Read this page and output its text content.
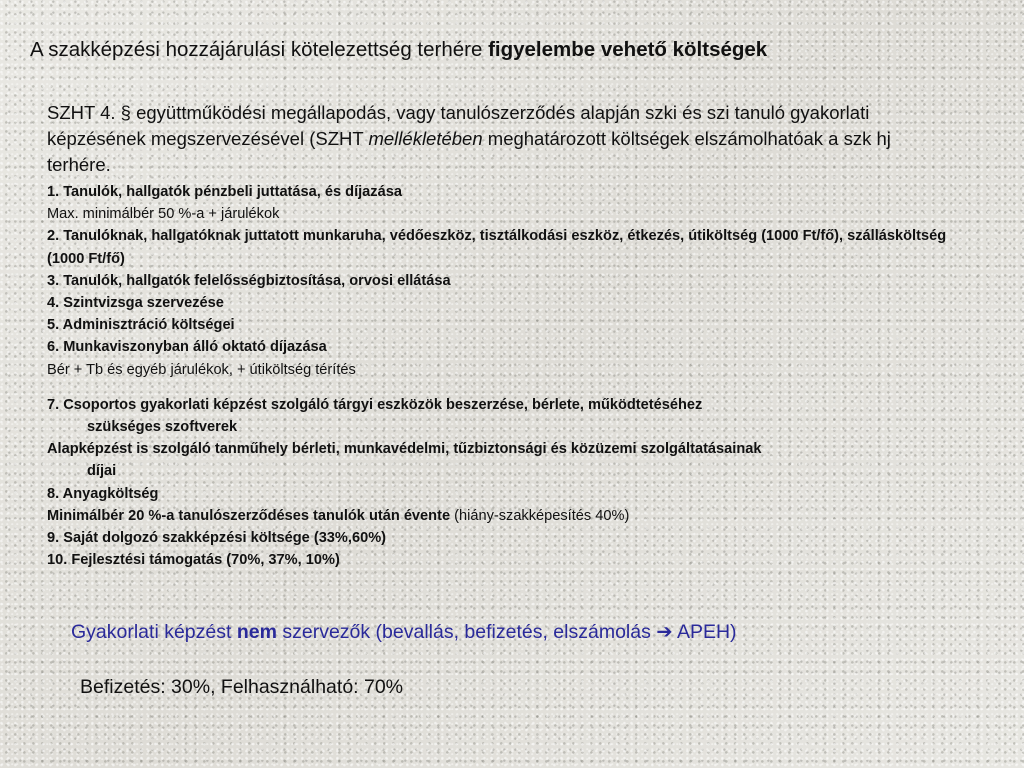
A szakképzési hozzájárulási kötelezettség terhére figyelembe vehető költségek
SZHT 4. § együttműködési megállapodás, vagy tanulószerződés alapján szki és szi tanuló gyakorlati képzésének megszervezésével (SZHT mellékletében meghatározott költségek elszámolhatóak a szk hj terhére.
1. Tanulók, hallgatók pénzbeli juttatása, és díjazása
Max. minimálbér 50 %-a + járulékok
2. Tanulóknak, hallgatóknak juttatott munkaruha, védőeszköz, tisztálkodási eszköz, étkezés, útiköltség (1000 Ft/fő), szállásköltség (1000 Ft/fő)
3. Tanulók, hallgatók felelősségbiztosítása, orvosi ellátása
4. Szintvizsga szervezése
5. Adminisztráció költségei
6. Munkaviszonyban álló oktató díjazása
Bér + Tb és egyéb járulékok, + útiköltség térítés
7. Csoportos gyakorlati képzést szolgáló tárgyi eszközök beszerzése, bérlete, működtetéséhez
szükséges szoftverek
Alapképzést is szolgáló tanműhely bérleti, munkavédelmi, tűzbiztonsági és közüzemi szolgáltatásainak
díjai
8. Anyagköltség
Minimálbér 20 %-a tanulószerződéses tanulók után évente (hiány-szakképesítés 40%)
9. Saját dolgozó szakképzési költsége (33%,60%)
10. Fejlesztési támogatás (70%, 37%, 10%)
Gyakorlati képzést nem szervezők (bevallás, befizetés, elszámolás ➔ APEH)
Befizetés: 30%, Felhasználható: 70%
